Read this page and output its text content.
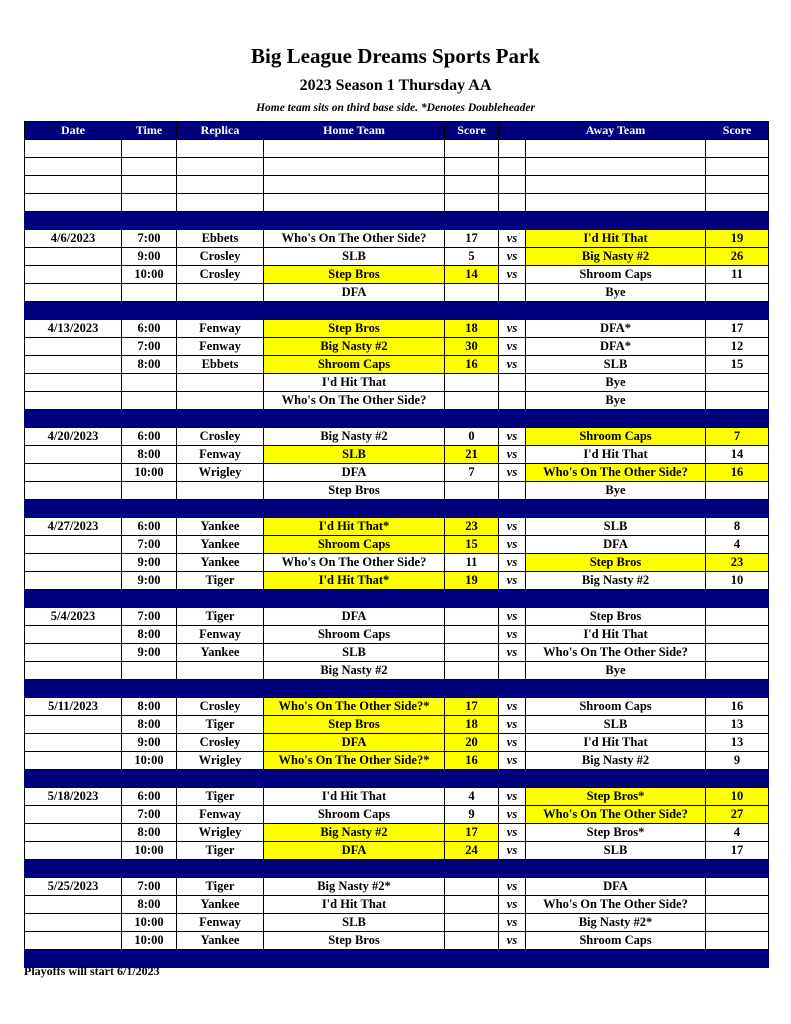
Big League Dreams Sports Park
2023 Season 1 Thursday AA
Home team sits on third base side. *Denotes Doubleheader
Date	Time	Replica	Home Team	Score		Away Team	Score

4/6/2023	7:00	Ebbets	Who's On The Other Side?	17	vs	I'd Hit That	19
	9:00	Crosley	SLB	5	vs	Big Nasty #2	26
	10:00	Crosley	Step Bros	14	vs	Shroom Caps	11
			DFA			Bye	

4/13/2023	6:00	Fenway	Step Bros	18	vs	DFA*	17
	7:00	Fenway	Big Nasty #2	30	vs	DFA*	12
	8:00	Ebbets	Shroom Caps	16	vs	SLB	15
			I'd Hit That			Bye	
			Who's On The Other Side?			Bye	

4/20/2023	6:00	Crosley	Big Nasty #2	0	vs	Shroom Caps	7
	8:00	Fenway	SLB	21	vs	I'd Hit That	14
	10:00	Wrigley	DFA	7	vs	Who's On The Other Side?	16
			Step Bros			Bye	

4/27/2023	6:00	Yankee	I'd Hit That*	23	vs	SLB	8
	7:00	Yankee	Shroom Caps	15	vs	DFA	4
	9:00	Yankee	Who's On The Other Side?	11	vs	Step Bros	23
	9:00	Tiger	I'd Hit That*	19	vs	Big Nasty #2	10

5/4/2023	7:00	Tiger	DFA		vs	Step Bros	
	8:00	Fenway	Shroom Caps		vs	I'd Hit That	
	9:00	Yankee	SLB		vs	Who's On The Other Side?	
			Big Nasty #2			Bye	

5/11/2023	8:00	Crosley	Who's On The Other Side?*	17	vs	Shroom Caps	16
	8:00	Tiger	Step Bros	18	vs	SLB	13
	9:00	Crosley	DFA	20	vs	I'd Hit That	13
	10:00	Wrigley	Who's On The Other Side?*	16	vs	Big Nasty #2	9

5/18/2023	6:00	Tiger	I'd Hit That	4	vs	Step Bros*	10
	7:00	Fenway	Shroom Caps	9	vs	Who's On The Other Side?	27
	8:00	Wrigley	Big Nasty #2	17	vs	Step Bros*	4
	10:00	Tiger	DFA	24	vs	SLB	17

5/25/2023	7:00	Tiger	Big Nasty #2*		vs	DFA	
	8:00	Yankee	I'd Hit That		vs	Who's On The Other Side?	
	10:00	Fenway	SLB		vs	Big Nasty #2*	
	10:00	Yankee	Step Bros		vs	Shroom Caps	

Playoffs will start 6/1/2023
